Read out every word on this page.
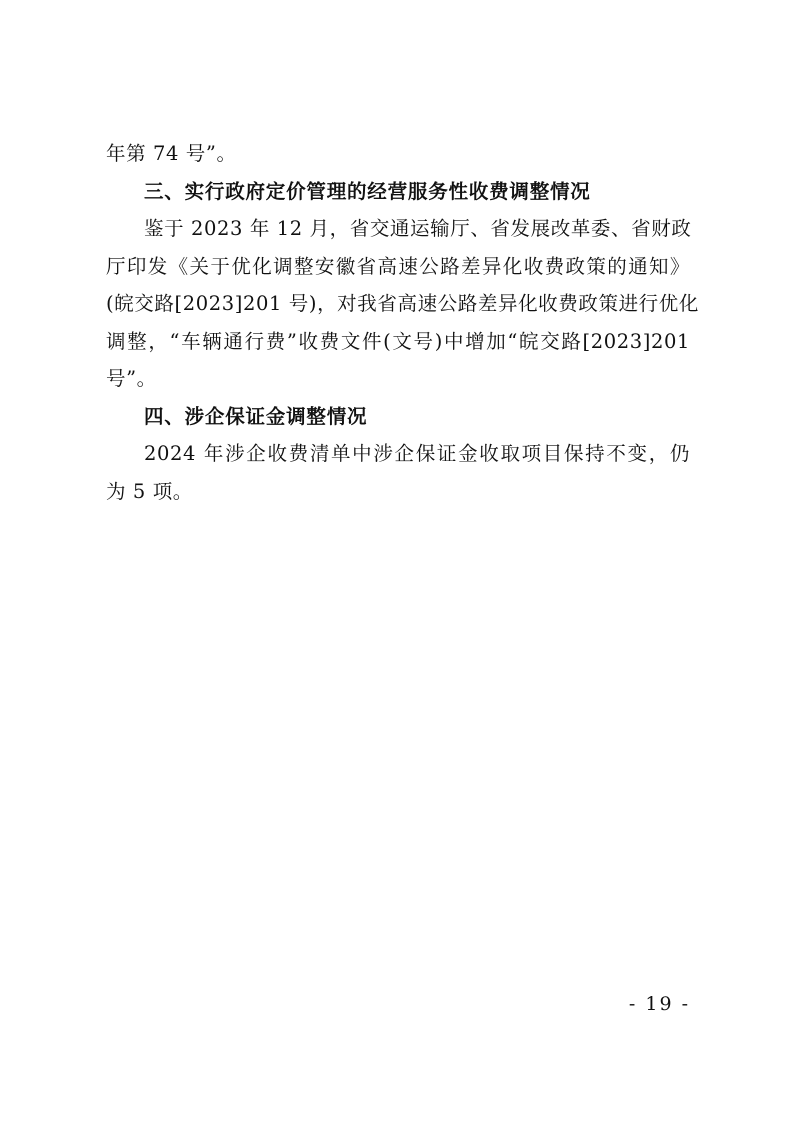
年第 74 号”。
三、实行政府定价管理的经营服务性收费调整情况
鉴于 2023 年 12 月，省交通运输厅、省发展改革委、省财政
厅印发《关于优化调整安徽省高速公路差异化收费政策的通知》
(皖交路[2023]201 号)，对我省高速公路差异化收费政策进行优化
调整，“车辆通行费”收费文件(文号)中增加“皖交路[2023]201
号”。
四、涉企保证金调整情况
2024 年涉企收费清单中涉企保证金收取项目保持不变，仍
为 5 项。
- 19 -
